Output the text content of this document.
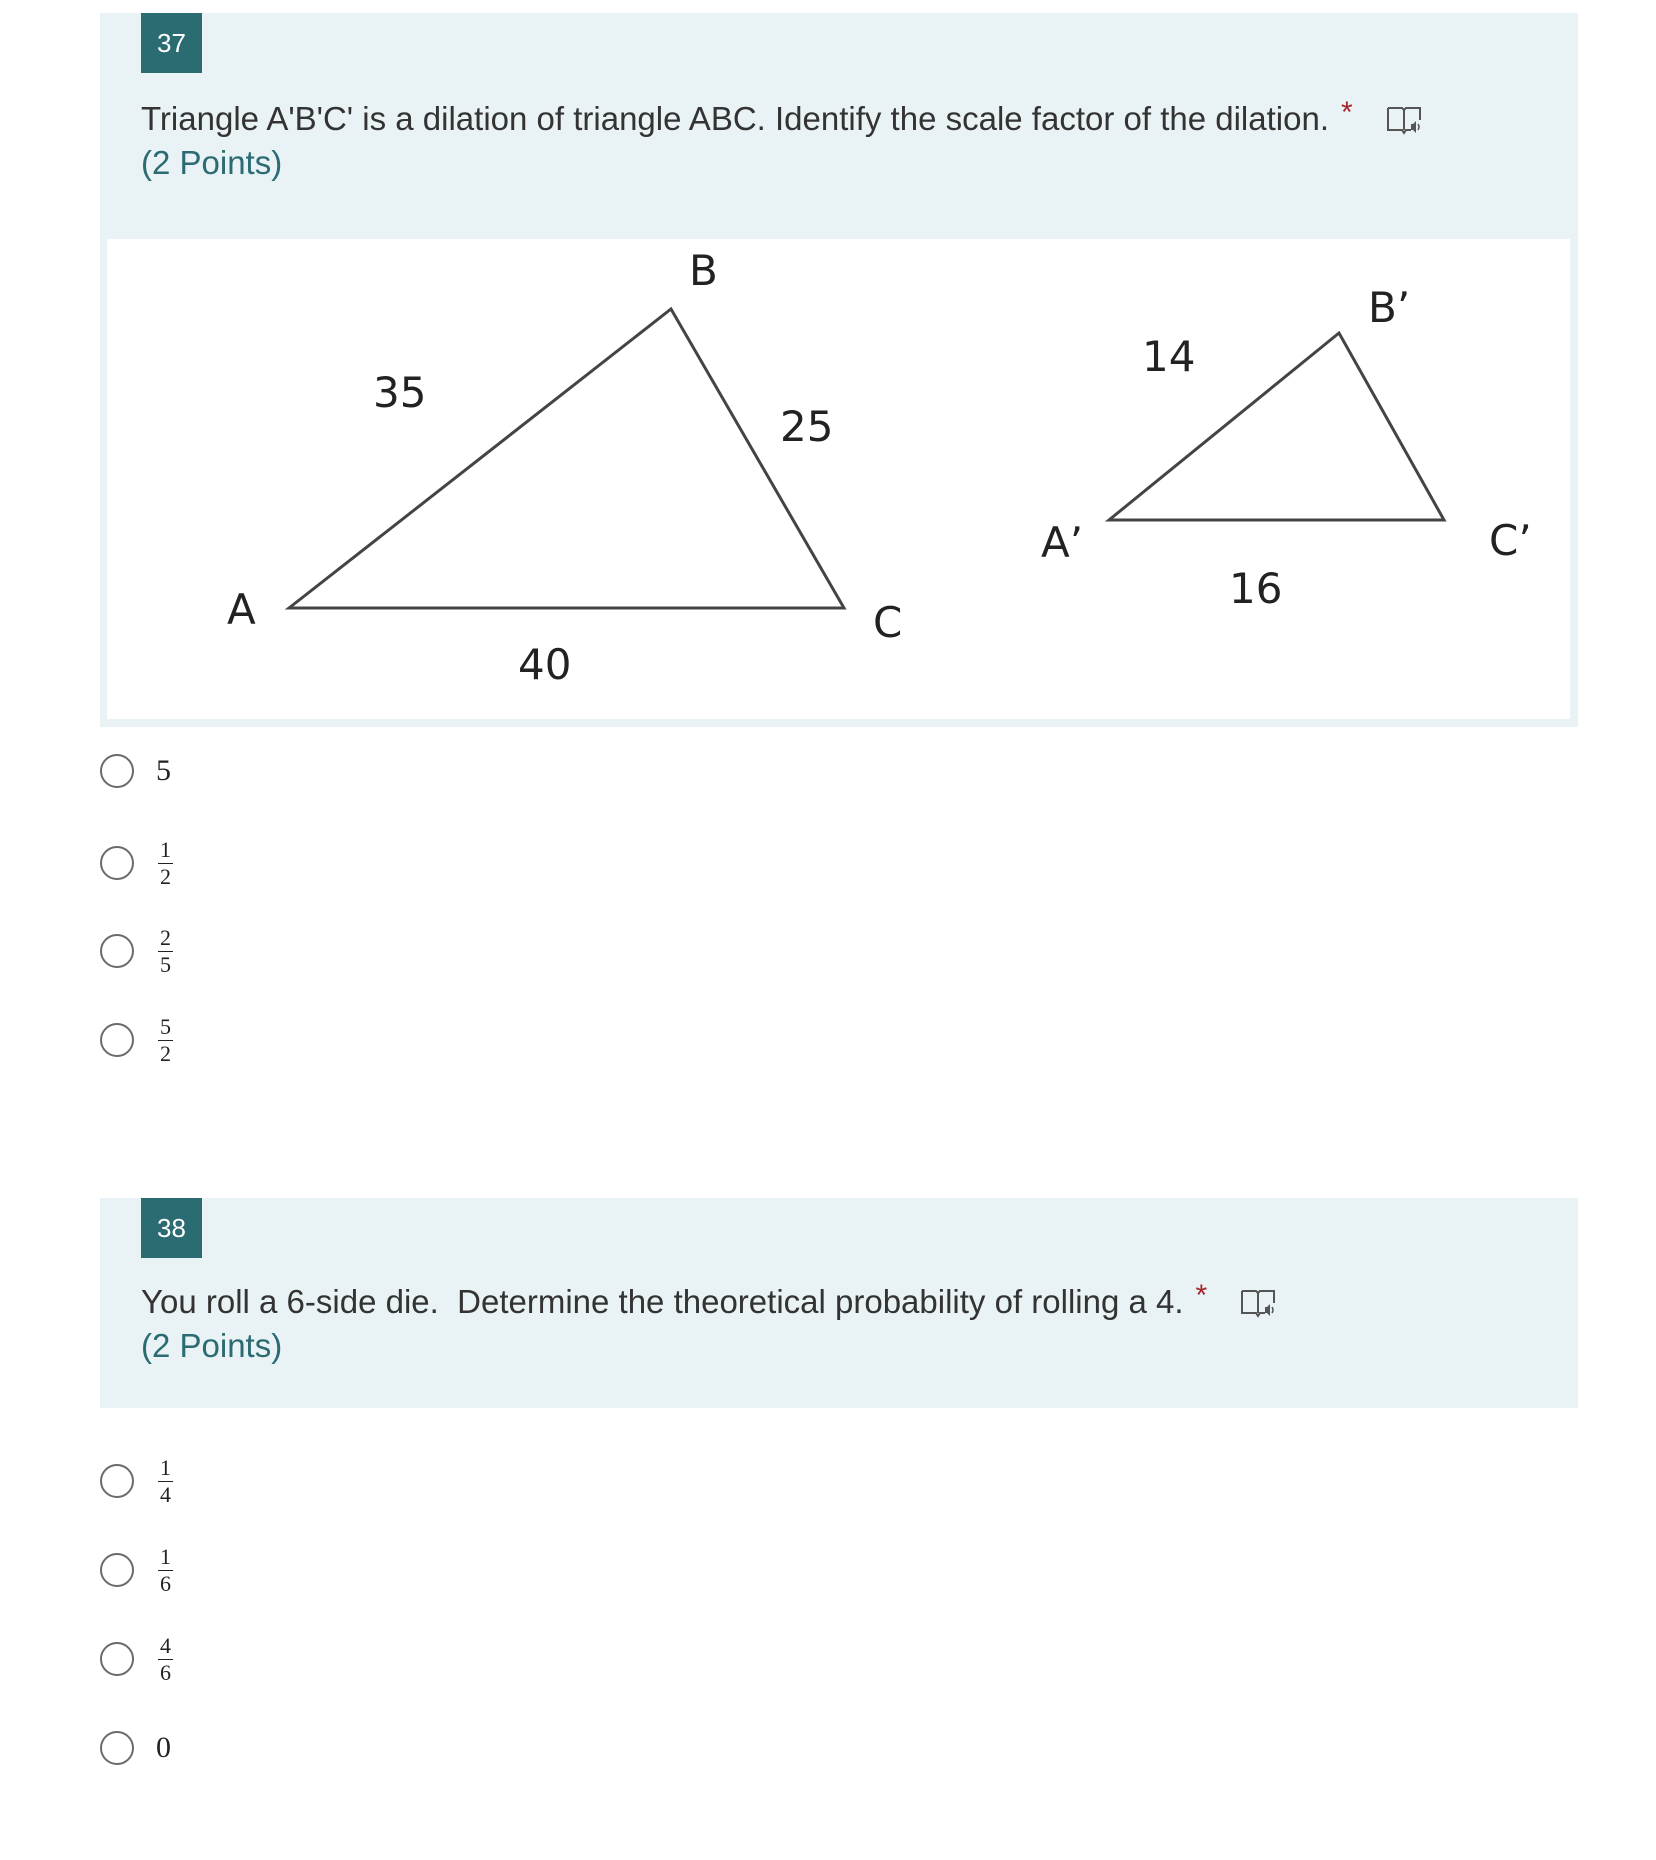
37
Triangle A'B'C' is a dilation of triangle ABC. Identify the scale factor of the dilation. *
(2 Points)
A
B
C
35
25
40
A’
B’
C’
14
16
5
$\frac{1}{2}$
$\frac{2}{5}$
$\frac{5}{2}$
38
You roll a 6-side die.  Determine the theoretical probability of rolling a 4. *
(2 Points)
$\frac{1}{4}$
$\frac{1}{6}$
$\frac{4}{6}$
0
